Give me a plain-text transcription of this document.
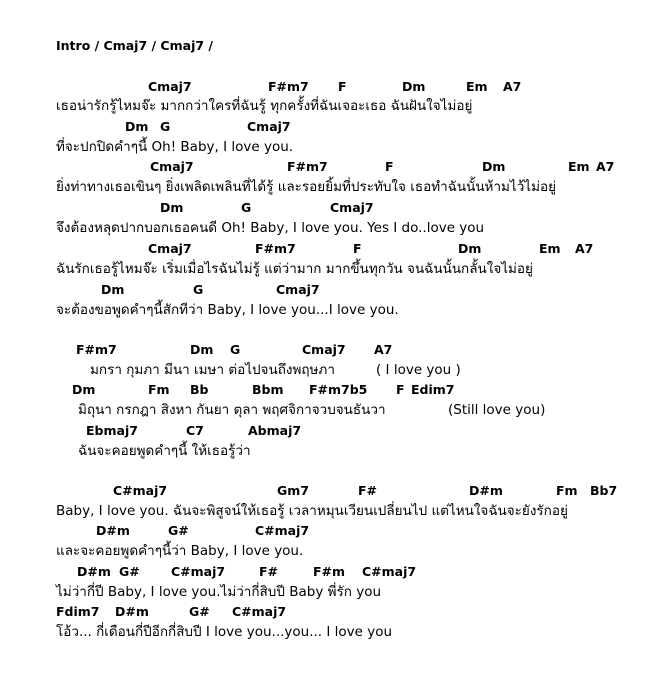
Intro / Cmaj7 / Cmaj7 /
Cmaj7	F#m7 F	Dm	Em A7
เธอน่ารักรู้ไหมจ๊ะ มากกว่าใครที่ฉันรู้ ทุกครั้งที่ฉันเจอะเธอ ฉันฝันใจไม่อยู่
Dm G	Cmaj7
ที่จะปกปิดคำๆนี้ Oh! Baby, I love you.
Cmaj7	F#m7	F	Dm	Em A7
ยิ่งท่าทางเธอเขินๆ ยิ่งเพลิดเพลินที่ได้รู้ และรอยยิ้มที่ประทับใจ เธอทำฉันนั้นห้ามไว้ไม่อยู่
Dm	G	Cmaj7
จึงต้องหลุดปากบอกเธอคนดี Oh! Baby, I love you. Yes I do..love you
Cmaj7	F#m7	F	Dm	Em A7
ฉันรักเธอรู้ไหมจ๊ะ เริ่มเมื่อไรฉันไม่รู้ แต่ว่ามาก มากขึ้นทุกวัน จนฉันนั้นกลั้นใจไม่อยู่
Dm	G	Cmaj7
จะต้องขอพูดคำๆนี้สักทีว่า Baby, I love you...I love you.
F#m7	Dm G	Cmaj7 A7
มกรา กุมภา มีนา เมษา ต่อไปจนถึงพฤษภา	( I love you )
Dm	Fm Bb	Bbm F#m7b5 F Edim7
มิถุนา กรกฎา สิงหา กันยา ตุลา พฤศจิกาจวบจนธันวา	(Still love you)
Ebmaj7	C7	Abmaj7
ฉันจะคอยพูดคำๆนี้ ให้เธอรู้ว่า
C#maj7	Gm7	F#	D#m	Fm Bb7
Baby, I love you. ฉันจะพิสูจน์ให้เธอรู้ เวลาหมุนเวียนเปลี่ยนไป แต่ไหนใจฉันจะยังรักอยู่
D#m	G#	C#maj7
และจะคอยพูดคำๆนี้ว่า Baby, I love you.
D#m G#	C#maj7	F#	F#m C#maj7
ไม่ว่ากี่ปี Baby, I love you.ไม่ว่ากี่สิบปี Baby พี่รัก you
Fdim7 D#m	G# C#maj7
โอ้ว... กี่เดือนกี่ปีอีกกี่สิบปี I love you...you... I love you
